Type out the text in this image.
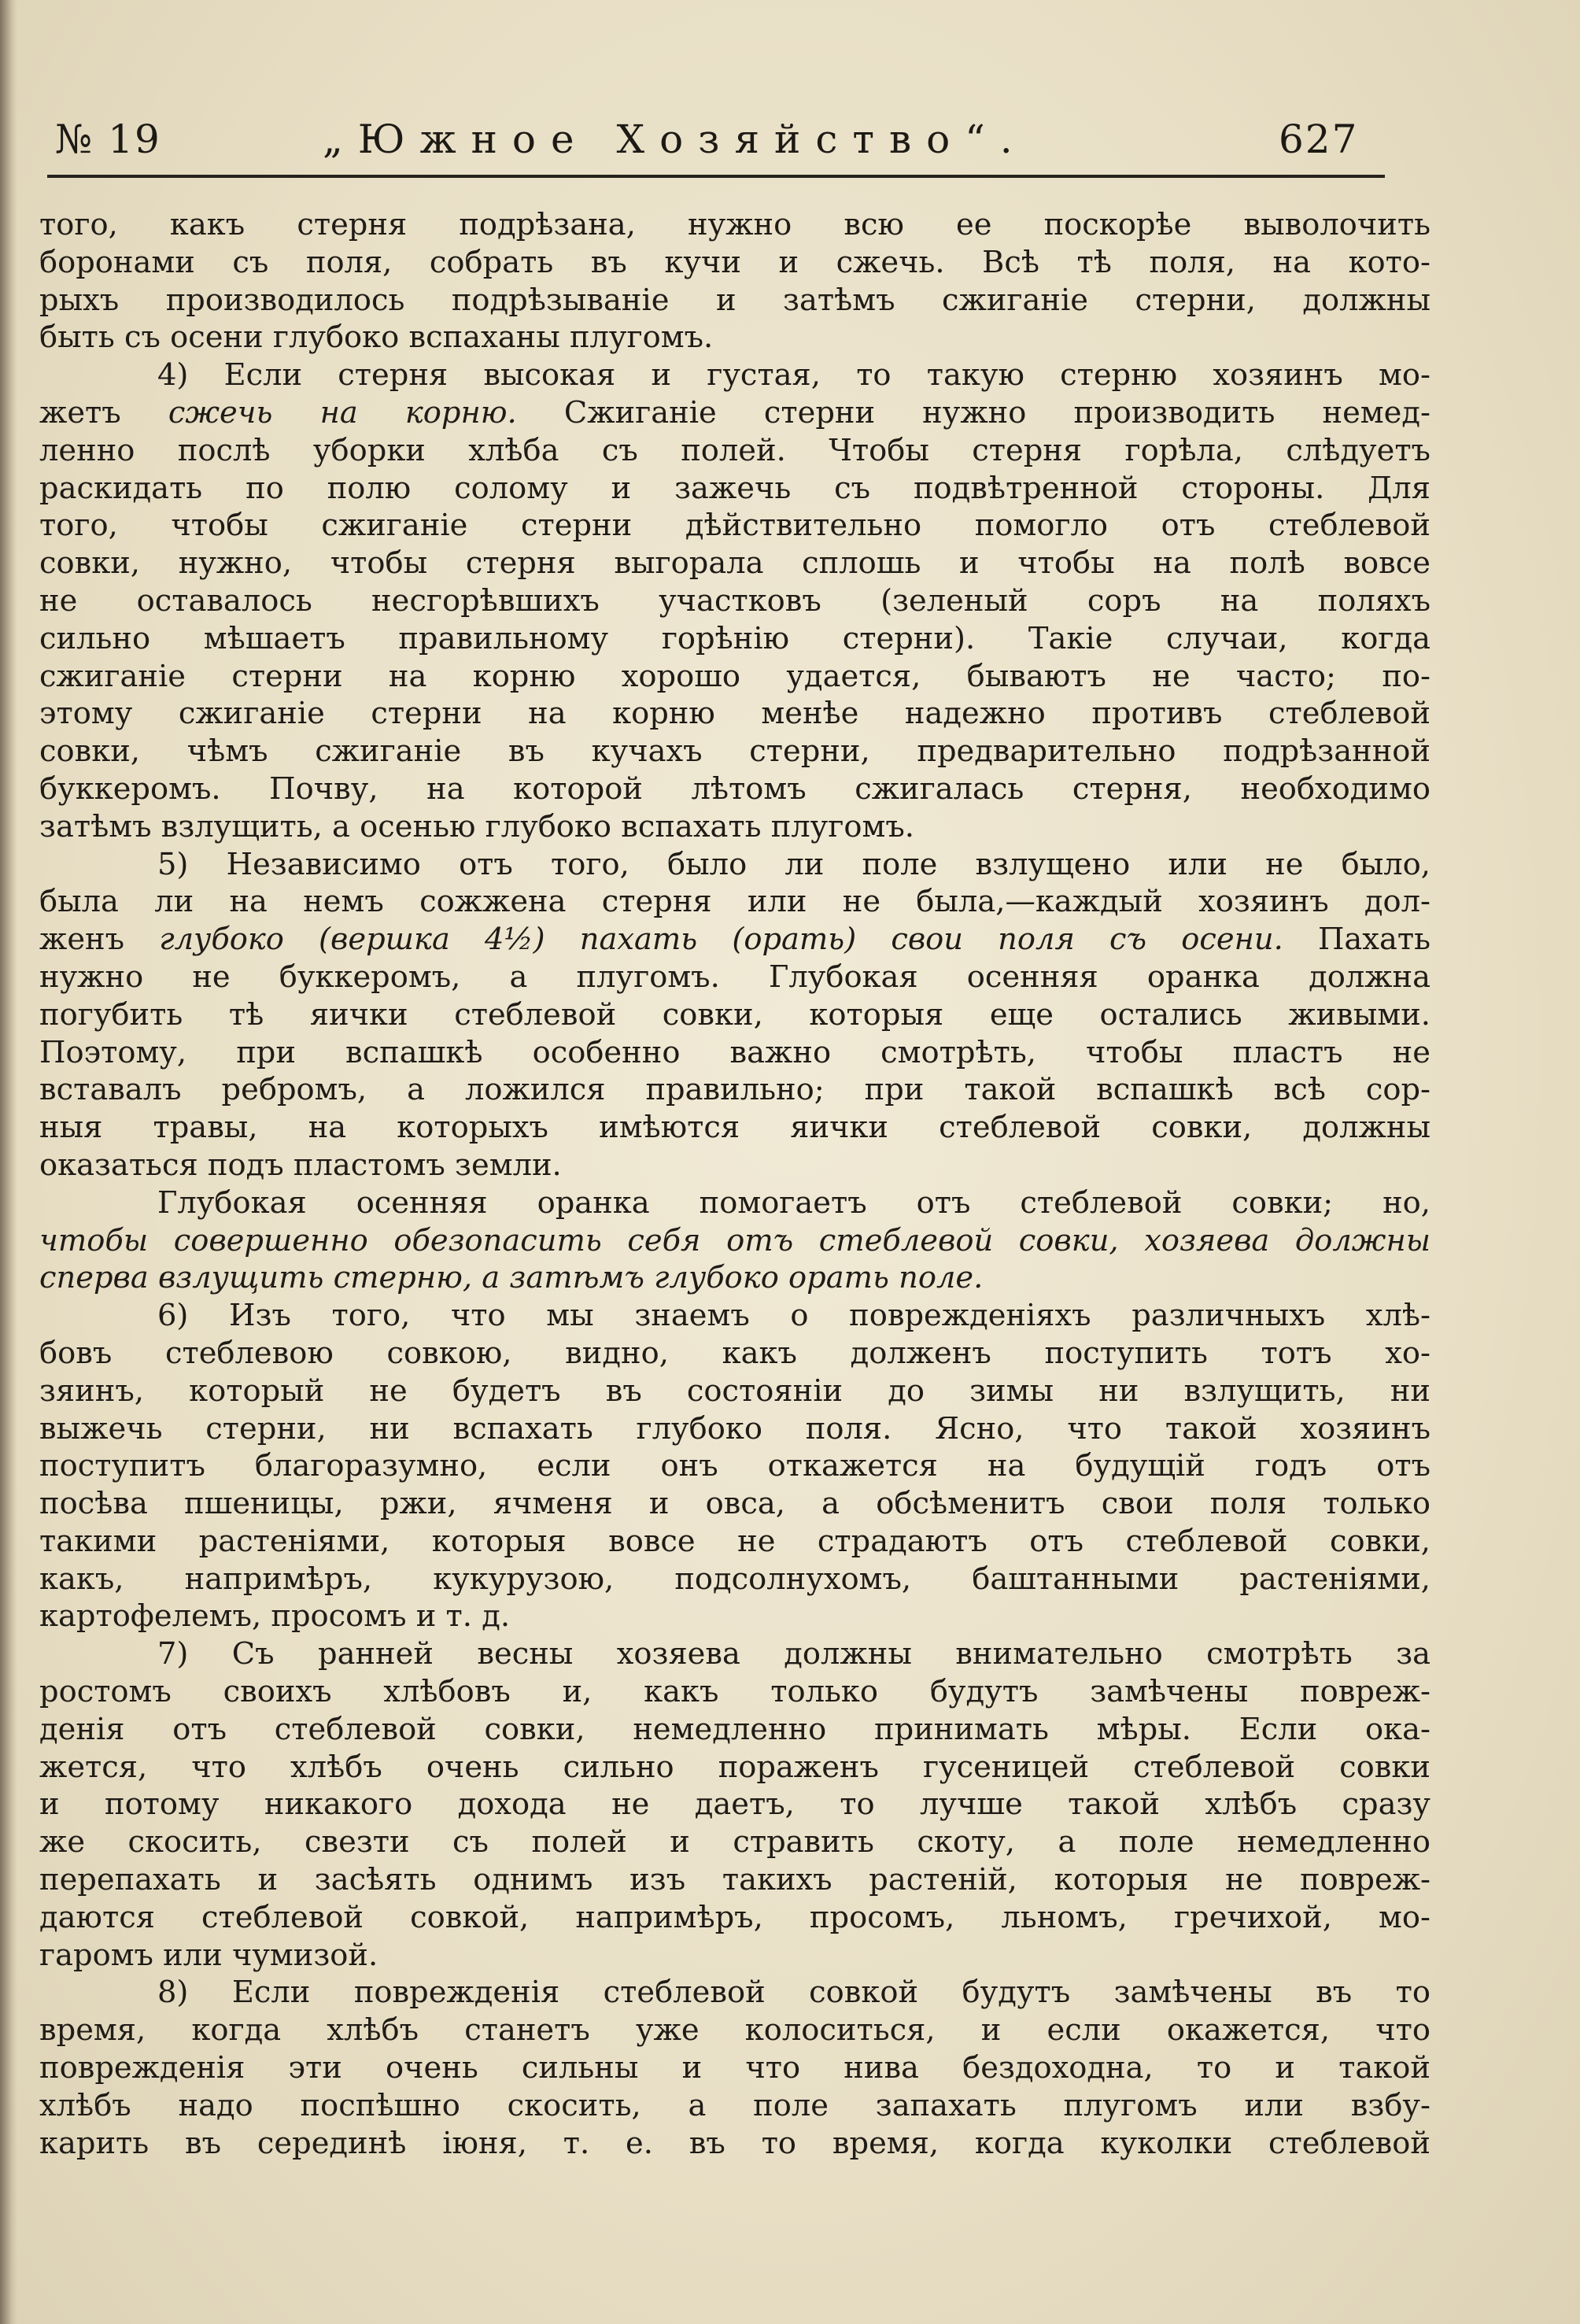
№ 19	„Южное Хозяйство“.	627
того, какъ стерня подрѣзана, нужно всю ее поскорѣе выволочить
боронами съ поля, собрать въ кучи и сжечь. Всѣ тѣ поля, на кото-
рыхъ производилось подрѣзываніе и затѣмъ сжиганіе стерни, должны
быть съ осени глубоко вспаханы плугомъ.
4) Если стерня высокая и густая, то такую стерню хозяинъ мо-
жетъ сжечь на корню. Сжиганіе стерни нужно производить немед-
ленно послѣ уборки хлѣба съ полей. Чтобы стерня горѣла, слѣдуетъ
раскидать по полю солому и зажечь съ подвѣтренной стороны. Для
того, чтобы сжиганіе стерни дѣйствительно помогло отъ стеблевой
совки, нужно, чтобы стерня выгорала сплошь и чтобы на полѣ вовсе
не оставалось несгорѣвшихъ участковъ (зеленый соръ на поляхъ
сильно мѣшаетъ правильному горѣнію стерни). Такіе случаи, когда
сжиганіе стерни на корню хорошо удается, бываютъ не часто; по-
этому сжиганіе стерни на корню менѣе надежно противъ стеблевой
совки, чѣмъ сжиганіе въ кучахъ стерни, предварительно подрѣзанной
буккеромъ. Почву, на которой лѣтомъ сжигалась стерня, необходимо
затѣмъ взлущить, а осенью глубоко вспахать плугомъ.
5) Независимо отъ того, было ли поле взлущено или не было,
была ли на немъ сожжена стерня или не была,—каждый хозяинъ дол-
женъ глубоко (вершка 4½) пахать (орать) свои поля съ осени. Пахать
нужно не буккеромъ, а плугомъ. Глубокая осенняя оранка должна
погубить тѣ яички стеблевой совки, которыя еще остались живыми.
Поэтому, при вспашкѣ особенно важно смотрѣть, чтобы пластъ не
вставалъ ребромъ, а ложился правильно; при такой вспашкѣ всѣ сор-
ныя травы, на которыхъ имѣются яички стеблевой совки, должны
оказаться подъ пластомъ земли.
Глубокая осенняя оранка помогаетъ отъ стеблевой совки; но,
чтобы совершенно обезопасить себя отъ стеблевой совки, хозяева должны
сперва взлущить стерню, а затѣмъ глубоко орать поле.
6) Изъ того, что мы знаемъ о поврежденіяхъ различныхъ хлѣ-
бовъ стеблевою совкою, видно, какъ долженъ поступить тотъ хо-
зяинъ, который не будетъ въ состояніи до зимы ни взлущить, ни
выжечь стерни, ни вспахать глубоко поля. Ясно, что такой хозяинъ
поступитъ благоразумно, если онъ откажется на будущій годъ отъ
посѣва пшеницы, ржи, ячменя и овса, а обсѣменитъ свои поля только
такими растеніями, которыя вовсе не страдаютъ отъ стеблевой совки,
какъ, напримѣръ, кукурузою, подсолнухомъ, баштанными растеніями,
картофелемъ, просомъ и т. д.
7) Съ ранней весны хозяева должны внимательно смотрѣть за
ростомъ своихъ хлѣбовъ и, какъ только будутъ замѣчены повреж-
денія отъ стеблевой совки, немедленно принимать мѣры. Если ока-
жется, что хлѣбъ очень сильно пораженъ гусеницей стеблевой совки
и потому никакого дохода не даетъ, то лучше такой хлѣбъ сразу
же скосить, свезти съ полей и стравить скоту, а поле немедленно
перепахать и засѣять однимъ изъ такихъ растеній, которыя не повреж-
даются стеблевой совкой, напримѣръ, просомъ, льномъ, гречихой, мо-
гаромъ или чумизой.
8) Если поврежденія стеблевой совкой будутъ замѣчены въ то
время, когда хлѣбъ станетъ уже колоситься, и если окажется, что
поврежденія эти очень сильны и что нива бездоходна, то и такой
хлѣбъ надо поспѣшно скосить, а поле запахать плугомъ или взбу-
карить въ серединѣ іюня, т. е. въ то время, когда куколки стеблевой
